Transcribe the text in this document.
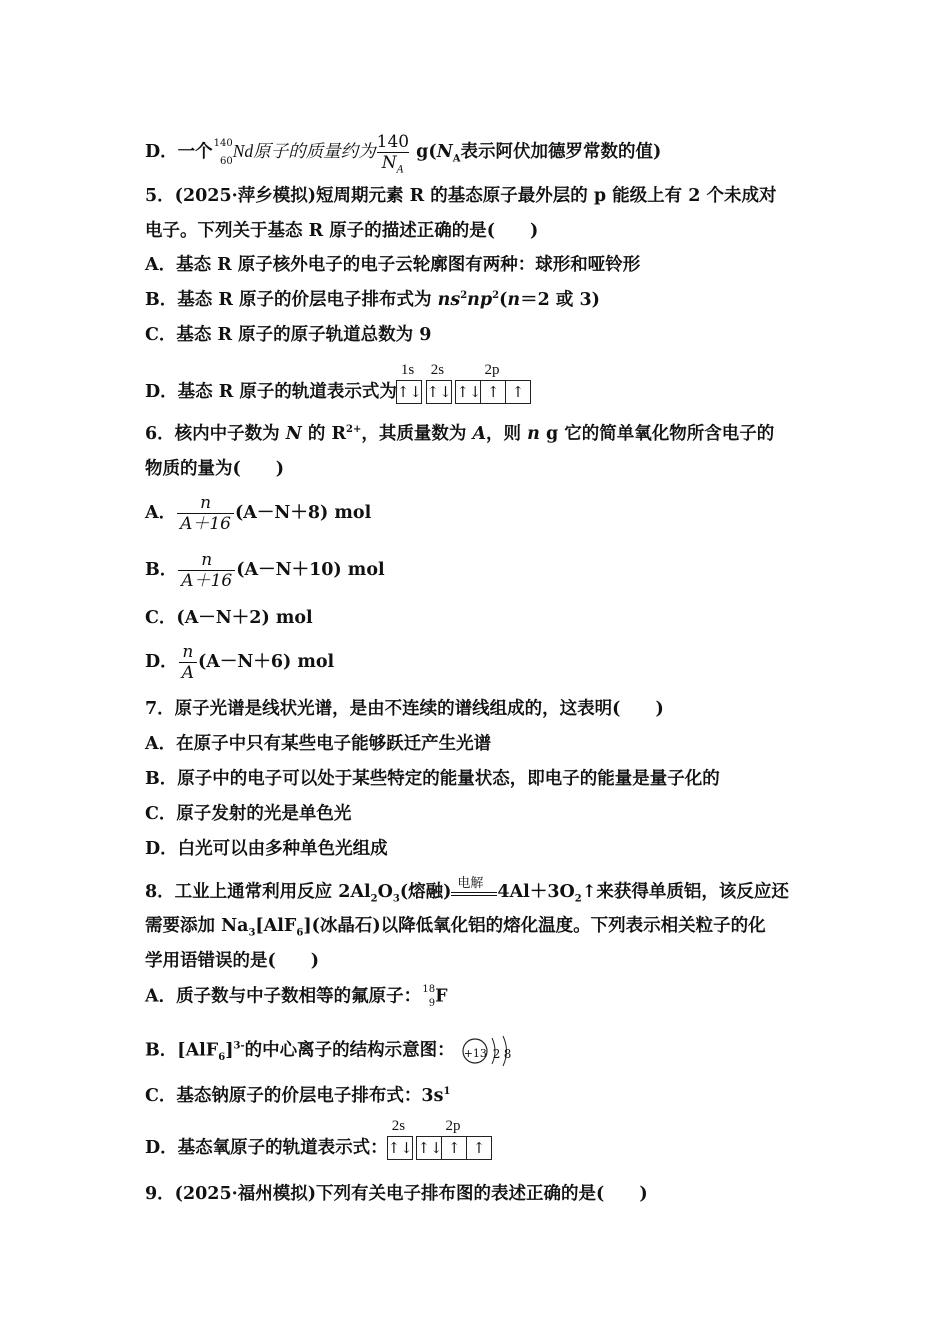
D．一个 140
60 Nd原子的质量约为 $\frac{140}{N_A} g(N_A$表示阿伏加德罗常数的值)
5．(2025·萍乡模拟)短周期元素 R 的基态原子最外层的 p 能级上有 2 个未成对
电子。下列关于基态 R 原子的描述正确的是(　　)
A．基态 R 原子核外电子的电子云轮廓图有两种：球形和哑铃形
B．基态 R 原子的价层电子排布式为 $ns^2np^2(n=2$ 或 3)
C．基态 R 原子的原子轨道总数为 9
D．基态 R 原子的轨道表示式为
1s
↑↓
2s
↑↓
2p
↑↓ ↑ ↑
6．核内中子数为 N 的 $R^{2+}$，其质量数为 A，则 n g 它的简单氧化物所含电子的
物质的量为(　　)
A． $\frac{n}{A+16} (A-N+8)$ mol
B． $\frac{n}{A+16} (A-N+10)$ mol
C．(A－N＋2) mol
D． $\frac{n}{A} (A-N+6)$ mol
7．原子光谱是线状光谱，是由不连续的谱线组成的，这表明(　　)
A．在原子中只有某些电子能够跃迁产生光谱
B．原子中的电子可以处于某些特定的能量状态，即电子的能量是量子化的
C．原子发射的光是单色光
D．白光可以由多种单色光组成
8．工业上通常利用反应 $2Al_2O_3$(熔融) 电解 $4Al+3O_2↑$来获得单质铝，该反应还
需要添加 $Na_3[AlF_6]$(冰晶石)以降低氧化铝的熔化温度。下列表示相关粒子的化
学用语错误的是(　　)
A．质子数与中子数相等的氟原子： 18
9 F
B．$[AlF_6]^{3-}$的中心离子的结构示意图： +13 2 8
C．基态钠原子的价层电子排布式：$3s^1$
D．基态氧原子的轨道表示式：
2s
↑↓
2p
↑↓ ↑ ↑
9．(2025·福州模拟)下列有关电子排布图的表述正确的是(　　)
